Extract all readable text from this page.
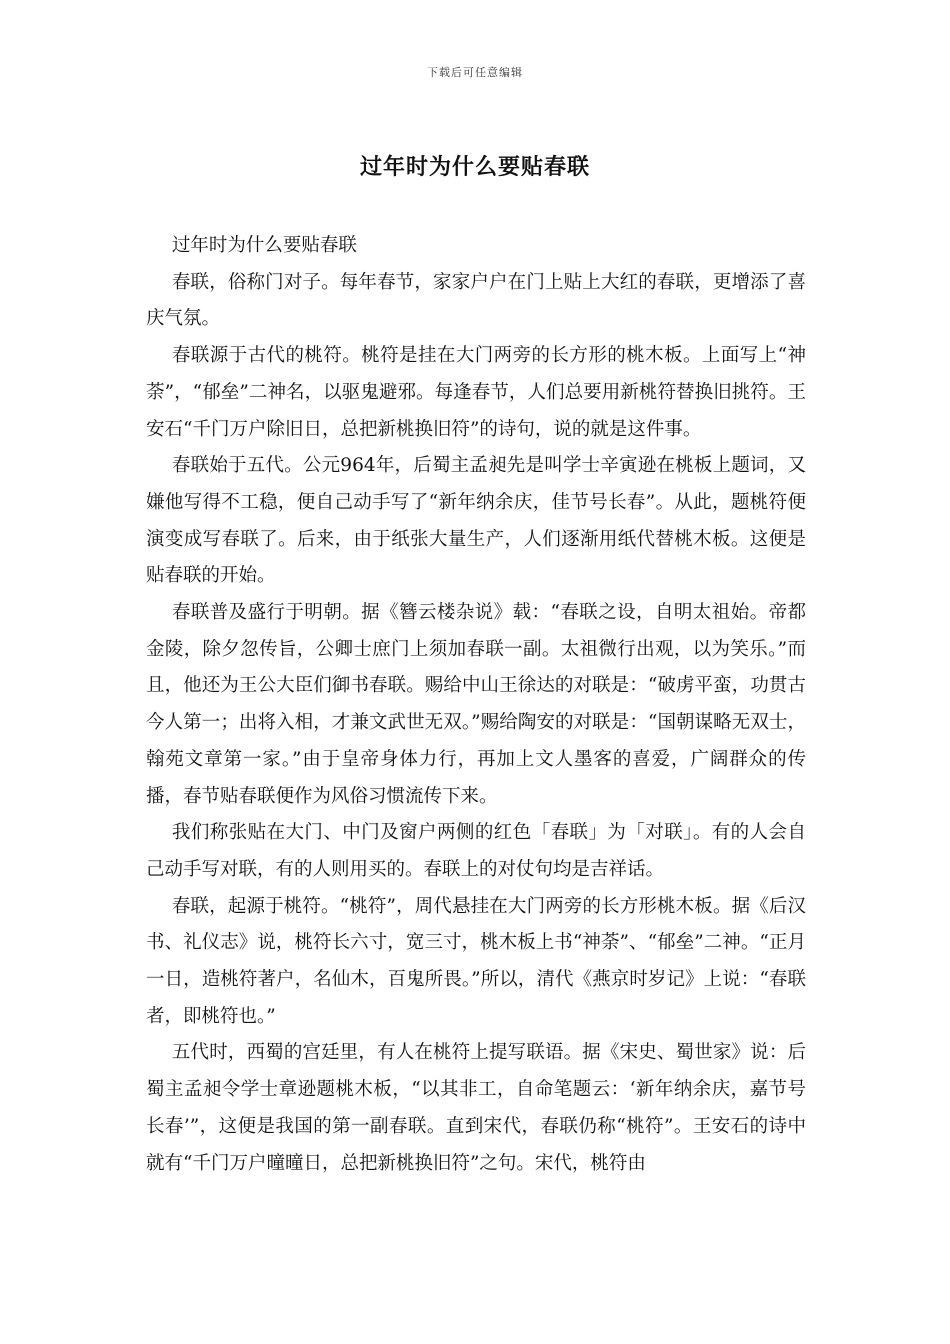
下载后可任意编辑
过年时为什么要贴春联

过年时为什么要贴春联

春联，俗称门对子。每年春节，家家户户在门上贴上大红的春联，更增添了喜庆气氛。

春联源于古代的桃符。桃符是挂在大门两旁的长方形的桃木板。上面写上“神荼”，“郁垒”二神名，以驱鬼避邪。每逢春节，人们总要用新桃符替换旧挑符。王安石“千门万户除旧日，总把新桃换旧符”的诗句，说的就是这件事。

春联始于五代。公元964年，后蜀主孟昶先是叫学士辛寅逊在桃板上题词，又嫌他写得不工稳，便自己动手写了“新年纳余庆，佳节号长春”。从此，题桃符便演变成写春联了。后来，由于纸张大量生产，人们逐渐用纸代替桃木板。这便是贴春联的开始。

春联普及盛行于明朝。据《簪云楼杂说》载：“春联之设，自明太祖始。帝都金陵，除夕忽传旨，公卿士庶门上须加春联一副。太祖微行出观，以为笑乐。”而且，他还为王公大臣们御书春联。赐给中山王徐达的对联是：“破虏平蛮，功贯古今人第一；出将入相，才兼文武世无双。”赐给陶安的对联是：“国朝谋略无双士，翰苑文章第一家。”由于皇帝身体力行，再加上文人墨客的喜爱，广阔群众的传播，春节贴春联便作为风俗习惯流传下来。

我们称张贴在大门、中门及窗户两侧的红色「春联」为「对联」。有的人会自己动手写对联，有的人则用买的。春联上的对仗句均是吉祥话。

春联，起源于桃符。“桃符”，周代悬挂在大门两旁的长方形桃木板。据《后汉书、礼仪志》说，桃符长六寸，宽三寸，桃木板上书“神荼”、“郁垒”二神。“正月一日，造桃符著户，名仙木，百鬼所畏。”所以，清代《燕京时岁记》上说：“春联者，即桃符也。”

五代时，西蜀的宫廷里，有人在桃符上提写联语。据《宋史、蜀世家》说：后蜀主孟昶令学士章逊题桃木板，“以其非工，自命笔题云：‘新年纳余庆，嘉节号长春’”，这便是我国的第一副春联。直到宋代，春联仍称“桃符”。王安石的诗中就有“千门万户曈曈日，总把新桃换旧符”之句。宋代，桃符由
